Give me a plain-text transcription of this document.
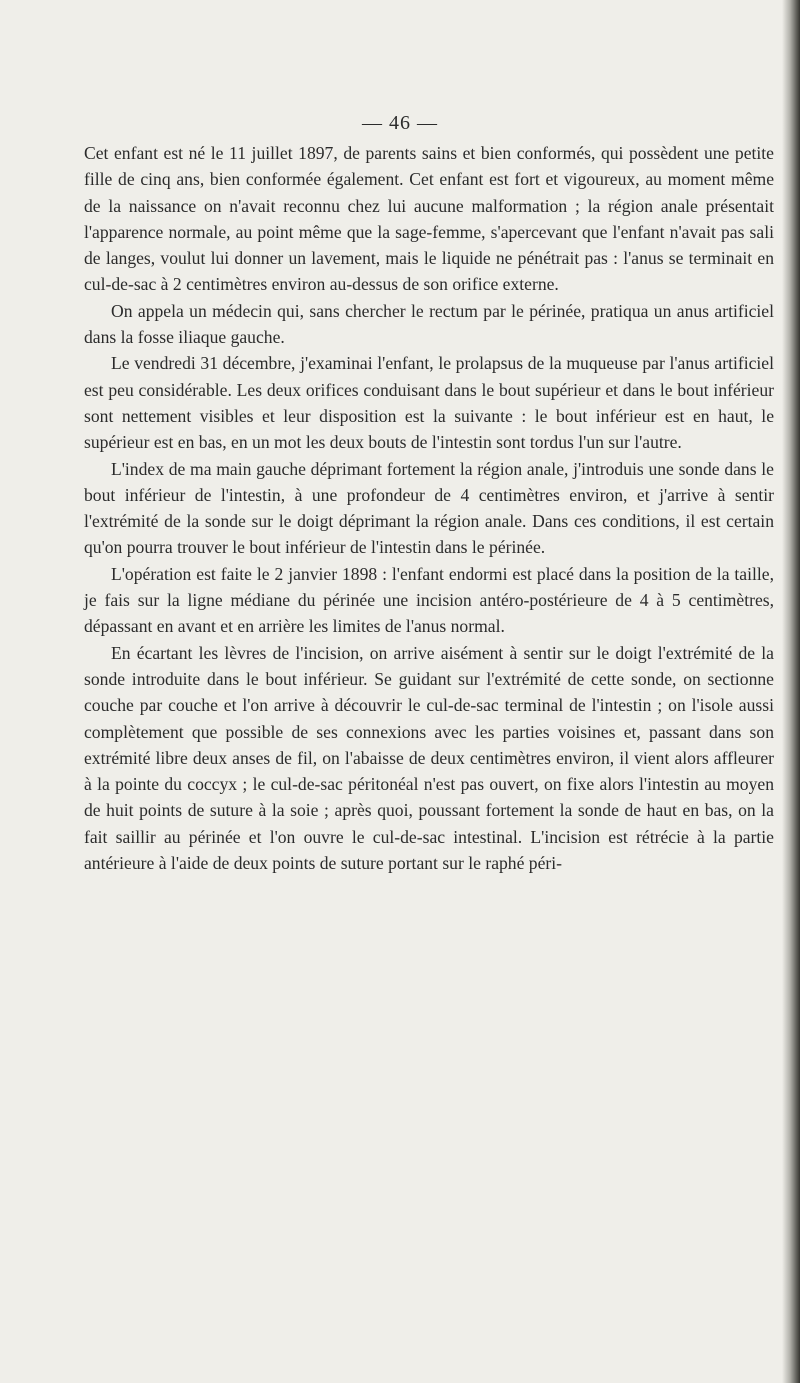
— 46 —

Cet enfant est né le 11 juillet 1897, de parents sains et bien conformés, qui possèdent une petite fille de cinq ans, bien conformée également. Cet enfant est fort et vigoureux, au moment même de la naissance on n'avait reconnu chez lui aucune malformation ; la région anale présentait l'apparence normale, au point même que la sage-femme, s'apercevant que l'enfant n'avait pas sali de langes, voulut lui donner un lavement, mais le liquide ne pénétrait pas : l'anus se terminait en cul-de-sac à 2 centimètres environ au-dessus de son orifice externe.

On appela un médecin qui, sans chercher le rectum par le périnée, pratiqua un anus artificiel dans la fosse iliaque gauche.

Le vendredi 31 décembre, j'examinai l'enfant, le prolapsus de la muqueuse par l'anus artificiel est peu considérable. Les deux orifices conduisant dans le bout supérieur et dans le bout inférieur sont nettement visibles et leur disposition est la suivante : le bout inférieur est en haut, le supérieur est en bas, en un mot les deux bouts de l'intestin sont tordus l'un sur l'autre.

L'index de ma main gauche déprimant fortement la région anale, j'introduis une sonde dans le bout inférieur de l'intestin, à une profondeur de 4 centimètres environ, et j'arrive à sentir l'extrémité de la sonde sur le doigt déprimant la région anale. Dans ces conditions, il est certain qu'on pourra trouver le bout inférieur de l'intestin dans le périnée.

L'opération est faite le 2 janvier 1898 : l'enfant endormi est placé dans la position de la taille, je fais sur la ligne médiane du périnée une incision antéro-postérieure de 4 à 5 centimètres, dépassant en avant et en arrière les limites de l'anus normal.

En écartant les lèvres de l'incision, on arrive aisément à sentir sur le doigt l'extrémité de la sonde introduite dans le bout inférieur. Se guidant sur l'extrémité de cette sonde, on sectionne couche par couche et l'on arrive à découvrir le cul-de-sac terminal de l'intestin ; on l'isole aussi complètement que possible de ses connexions avec les parties voisines et, passant dans son extrémité libre deux anses de fil, on l'abaisse de deux centimètres environ, il vient alors affleurer à la pointe du coccyx ; le cul-de-sac péritonéal n'est pas ouvert, on fixe alors l'intestin au moyen de huit points de suture à la soie ; après quoi, poussant fortement la sonde de haut en bas, on la fait saillir au périnée et l'on ouvre le cul-de-sac intestinal. L'incision est rétrécie à la partie antérieure à l'aide de deux points de suture portant sur le raphé péri-
